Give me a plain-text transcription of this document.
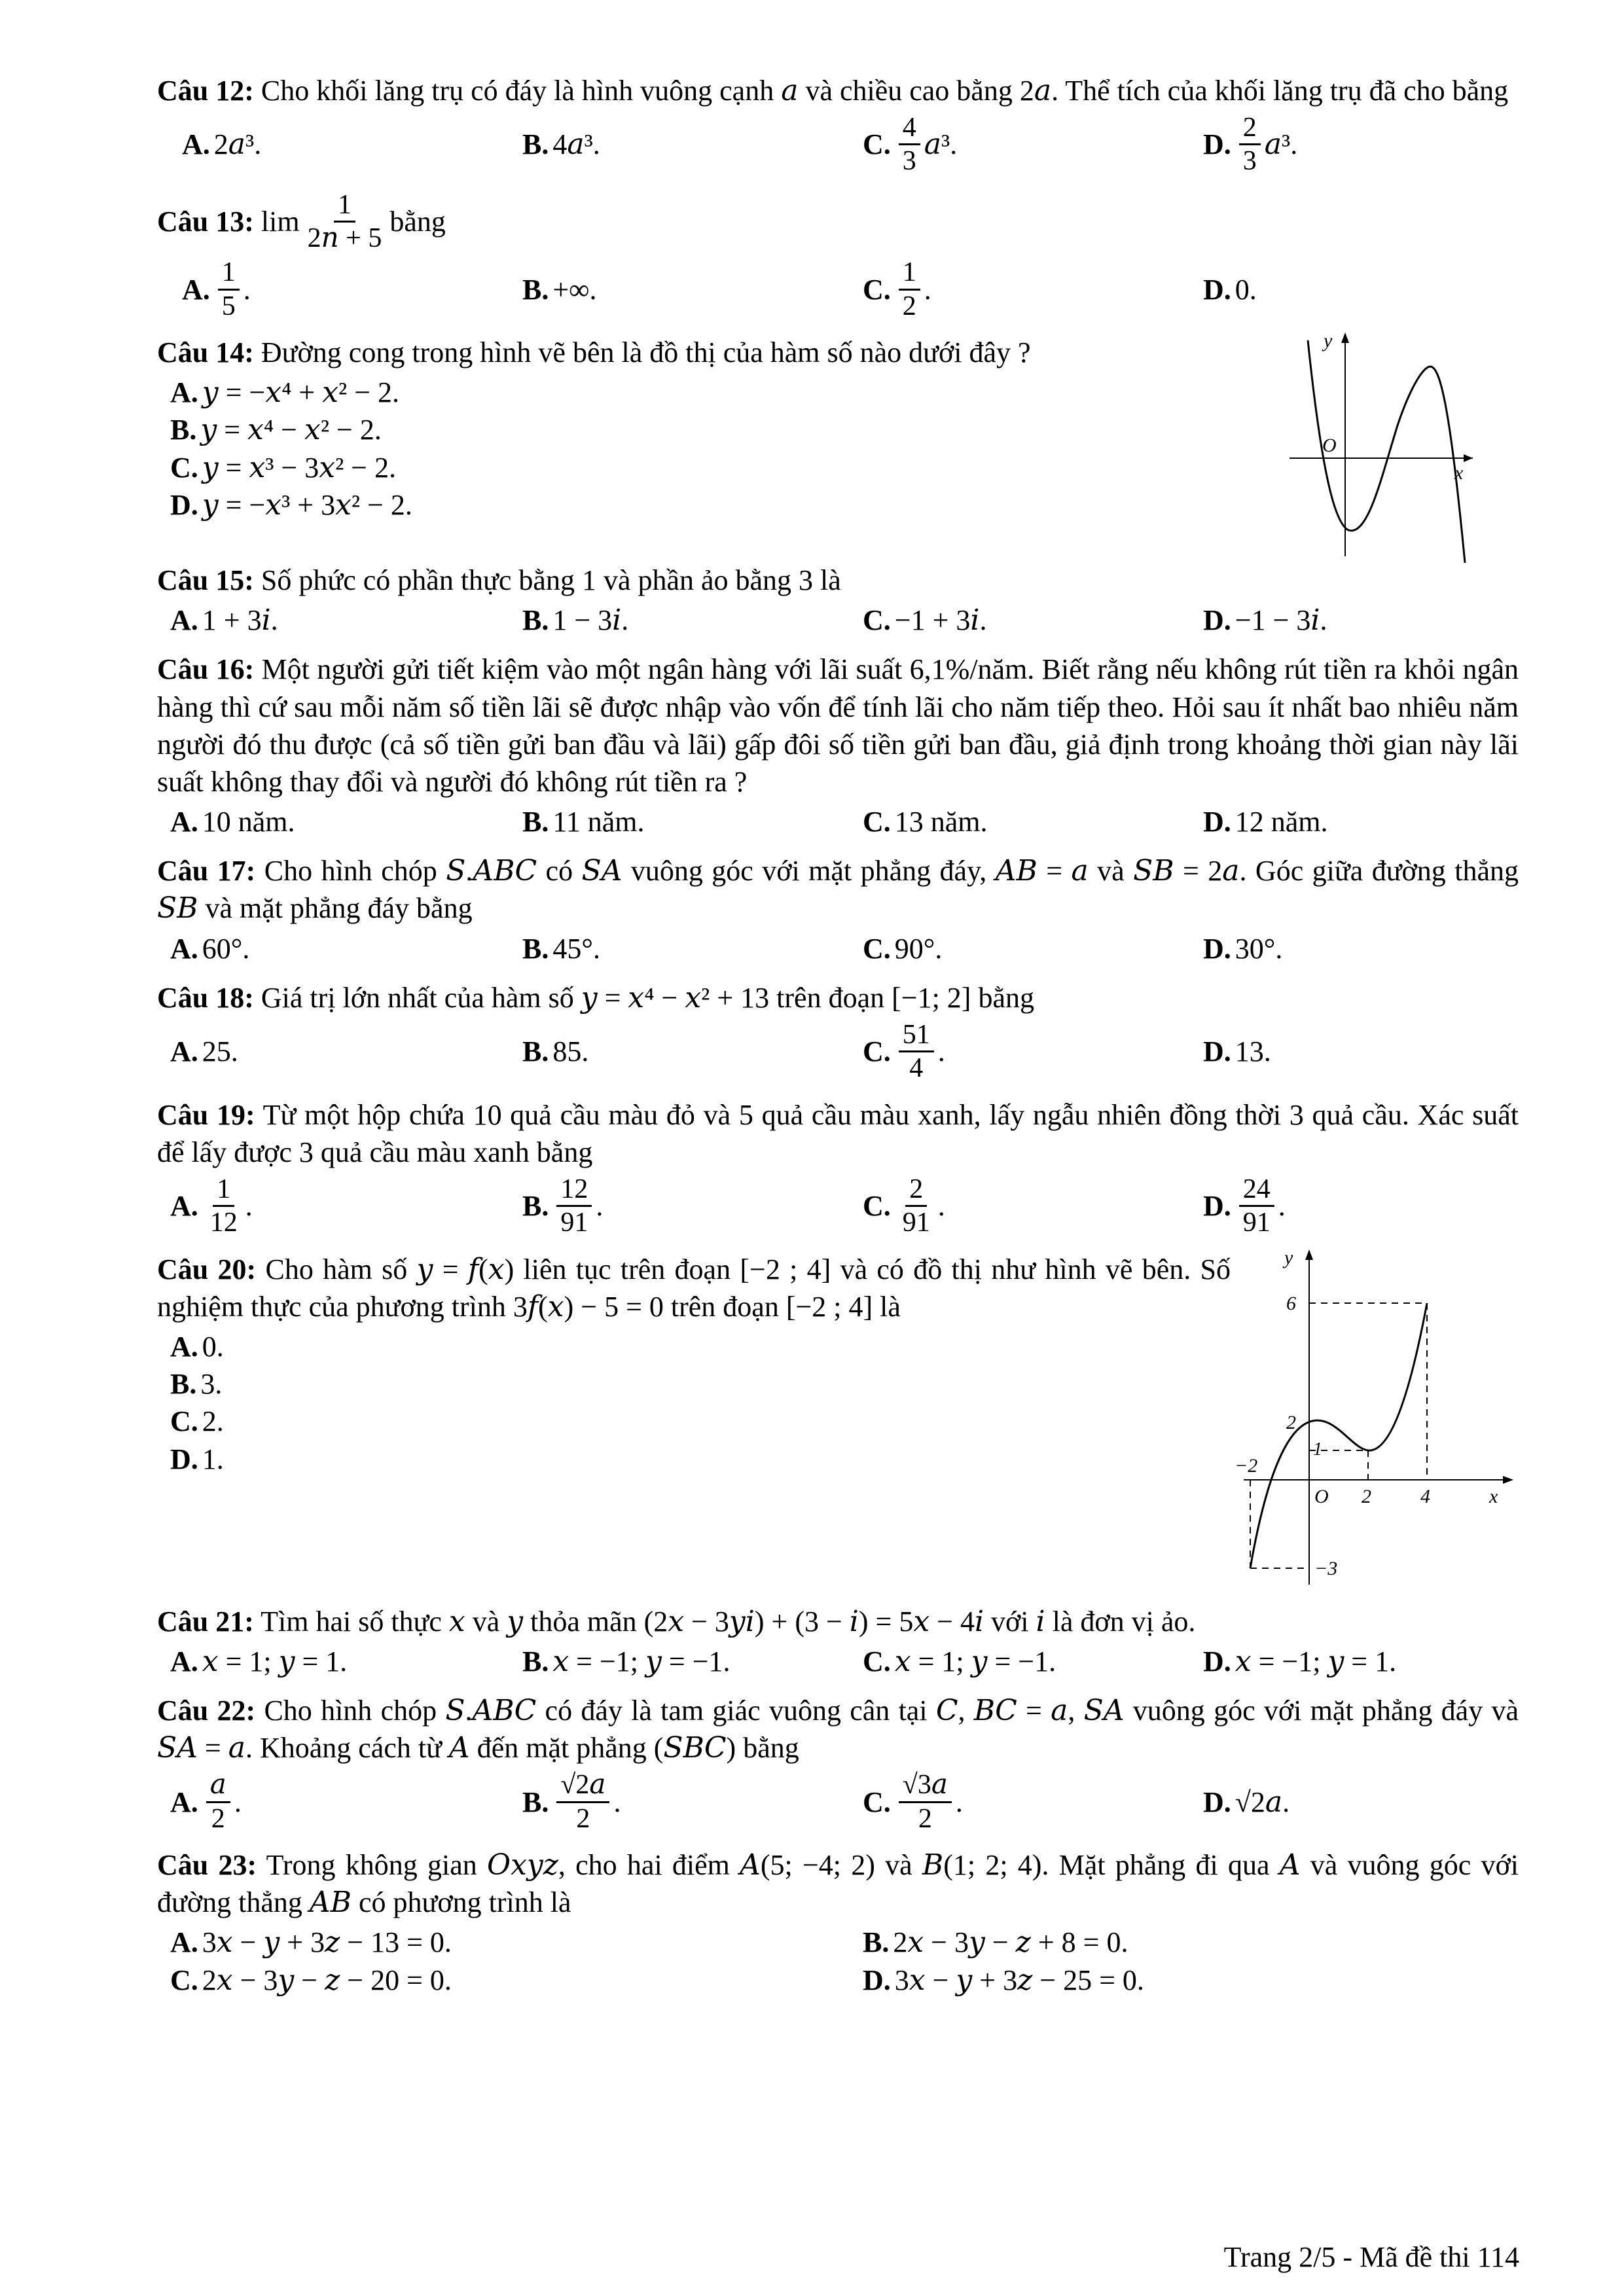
Câu 12: Cho khối lăng trụ có đáy là hình vuông cạnh 𝑎 và chiều cao bằng 2𝑎. Thể tích của khối lăng trụ đã cho bằng
A. 2𝑎³.	B. 4𝑎³.	C. $\frac{4}{3}$ 𝑎³.	D. $\frac{2}{3}$ 𝑎³.
Câu 13:
$\lim \frac{1}{\text{2𝑛 + 5}}$ bằng
A. $\frac{1}{5}$ .	B. +∞.	C. $\frac{1}{2}$ .	D. 0.
Câu 14: Đường cong trong hình vẽ bên là đồ thị của hàm số nào dưới đây ?
A. 𝑦 = −𝑥⁴ + 𝑥² − 2.
B. 𝑦 = 𝑥⁴ − 𝑥² − 2.
C. 𝑦 = 𝑥³ − 3𝑥² − 2.
D. 𝑦 = −𝑥³ + 3𝑥² − 2.
y
x
O
Câu 15: Số phức có phần thực bằng 1 và phần ảo bằng 3 là
A. 1 + 3𝑖.	B. 1 − 3𝑖.	C. −1 + 3𝑖.	D. −1 − 3𝑖.
Câu 16: Một người gửi tiết kiệm vào một ngân hàng với lãi suất 6,1%/năm. Biết rằng nếu không rút tiền ra khỏi ngân hàng thì cứ sau mỗi năm số tiền lãi sẽ được nhập vào vốn để tính lãi cho năm tiếp theo. Hỏi sau ít nhất bao nhiêu năm người đó thu được (cả số tiền gửi ban đầu và lãi) gấp đôi số tiền gửi ban đầu, giả định trong khoảng thời gian này lãi suất không thay đổi và người đó không rút tiền ra ?
A. 10 năm.	B. 11 năm.	C. 13 năm.	D. 12 năm.
Câu 17: Cho hình chóp 𝑆.𝐴𝐵𝐶 có 𝑆𝐴 vuông góc với mặt phẳng đáy, 𝐴𝐵 = 𝑎 và 𝑆𝐵 = 2𝑎. Góc giữa đường thẳng 𝑆𝐵 và mặt phẳng đáy bằng
A. 60°.	B. 45°.	C. 90°.	D. 30°.
Câu 18: Giá trị lớn nhất của hàm số 𝑦 = 𝑥⁴ − 𝑥² + 13 trên đoạn [−1; 2] bằng
A. 25.	B. 85.	C. $\frac{51}{4}$ .	D. 13.
Câu 19: Từ một hộp chứa 10 quả cầu màu đỏ và 5 quả cầu màu xanh, lấy ngẫu nhiên đồng thời 3 quả cầu. Xác suất để lấy được 3 quả cầu màu xanh bằng
A. $\frac{1}{12}$ .	B. $\frac{12}{91}$ .	C. $\frac{2}{91}$ .	D. $\frac{24}{91}$ .
Câu 20: Cho hàm số 𝑦 = 𝑓(𝑥) liên tục trên đoạn [−2 ; 4] và có đồ thị như hình vẽ bên. Số nghiệm thực của phương trình 3𝑓(𝑥) − 5 = 0 trên đoạn [−2 ; 4] là
A. 0.
B. 3.
C. 2.
D. 1.
y
x
O
6
2
1
−2
2	4
−3
Câu 21: Tìm hai số thực 𝑥 và 𝑦 thỏa mãn (2𝑥 − 3𝑦𝑖) + (3 − 𝑖) = 5𝑥 − 4𝑖 với 𝑖 là đơn vị ảo.
A. 𝑥 = 1; 𝑦 = 1.	B. 𝑥 = −1; 𝑦 = −1.	C. 𝑥 = 1; 𝑦 = −1.	D. 𝑥 = −1; 𝑦 = 1.
Câu 22: Cho hình chóp 𝑆.𝐴𝐵𝐶 có đáy là tam giác vuông cân tại 𝐶, 𝐵𝐶 = 𝑎, 𝑆𝐴 vuông góc với mặt phẳng đáy và 𝑆𝐴 = 𝑎. Khoảng cách từ 𝐴 đến mặt phẳng (𝑆𝐵𝐶) bằng
A. $\frac{\text{𝑎}}{2}$ .	B. $\frac{\text{√2𝑎}}{2}$ .	C. $\frac{\text{√3𝑎}}{2}$ .	D. √2𝑎.
Câu 23: Trong không gian 𝑂𝑥𝑦𝑧, cho hai điểm 𝐴(5; −4; 2) và 𝐵(1; 2; 4). Mặt phẳng đi qua 𝐴 và vuông góc với đường thẳng 𝐴𝐵 có phương trình là
A. 3𝑥 − 𝑦 + 3𝑧 − 13 = 0.	B. 2𝑥 − 3𝑦 − 𝑧 + 8 = 0.
C. 2𝑥 − 3𝑦 − 𝑧 − 20 = 0.	D. 3𝑥 − 𝑦 + 3𝑧 − 25 = 0.
Trang 2/5 - Mã đề thi 114
